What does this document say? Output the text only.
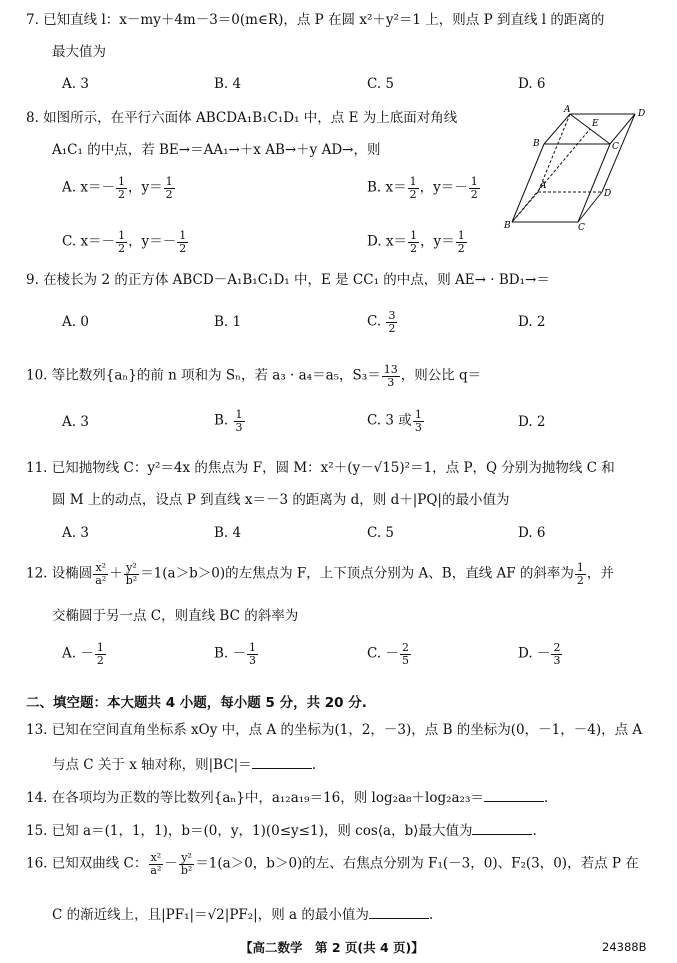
7. 已知直线 l：x－my＋4m－3＝0(m∈R)，点 P 在圆 x²＋y²＝1 上，则点 P 到直线 l 的距离的
最大值为
A. 3	B. 4	C. 5	D. 6
8. 如图所示，在平行六面体 ABCDA₁B₁C₁D₁ 中，点 E 为上底面对角线
A₁C₁ 的中点，若 BE→＝AA₁→＋x AB→＋y AD→，则
A. $x=- \frac{1}{2}$ ，$y= \frac{1}{2}$	B. $x= \frac{1}{2}$ ，$y=- \frac{1}{2}$
C. $x=- \frac{1}{2}$ ，$y=- \frac{1}{2}$	D. $x= \frac{1}{2}$ ，$y= \frac{1}{2}$
A	D
B	C
E
A
D
B	C
9. 在棱长为 2 的正方体 ABCD－A₁B₁C₁D₁ 中，E 是 CC₁ 的中点，则 AE→ · BD₁→＝
A. 0	B. 1	C. $\frac{3}{2}$	D. 2
10. 等比数列{aₙ}的前 n 项和为 Sₙ，若 a₃ · a₄＝a₅，$S_3= \frac{13}{3}$ ，则公比 q＝
A. 3	B. $\frac{1}{3}$	C. 3 或 $\frac{1}{3}$	D. 2
11. 已知抛物线 C：y²＝4x 的焦点为 F，圆 M：x²＋(y－√15)²＝1，点 P，Q 分别为抛物线 C 和
圆 M 上的动点，设点 P 到直线 x＝－3 的距离为 d，则 d＋|PQ|的最小值为
A. 3	B. 4	C. 5	D. 6
12. 设椭圆 $\frac{\text{x²}}{\text{a²}} + \frac{\text{y²}}{\text{b²}} =1(a>b>0)$的左焦点为 F，上下顶点分别为 A、B，直线 AF 的斜率为 $\frac{1}{2}$ ，并
交椭圆于另一点 C，则直线 BC 的斜率为
A. － $\frac{1}{2}$	B. － $\frac{1}{3}$	C. － $\frac{2}{5}$	D. － $\frac{2}{3}$
二、填空题：本大题共 4 小题，每小题 5 分，共 20 分.
13. 已知在空间直角坐标系 xOy 中，点 A 的坐标为(1，2，－3)，点 B 的坐标为(0，－1，－4)，点 A
与点 C 关于 x 轴对称，则|BC|＝	.
14. 在各项均为正数的等比数列{aₙ}中，a₁₂a₁₉＝16，则 log₂a₈＋log₂a₂₃＝	.
15. 已知 a＝(1，1，1)，b＝(0，y，1)(0≤y≤1)，则 cos⟨a，b⟩最大值为	.
16. 已知双曲线 C： $\frac{\text{x²}}{\text{a²}} - \frac{\text{y²}}{\text{b²}} =1(a>0$，b＞0)的左、右焦点分别为 F₁(－3，0)、F₂(3，0)，若点 P 在
C 的渐近线上，且|PF₁|＝√2|PF₂|，则 a 的最小值为	.
【高二数学　第 2 页(共 4 页)】	24388B
